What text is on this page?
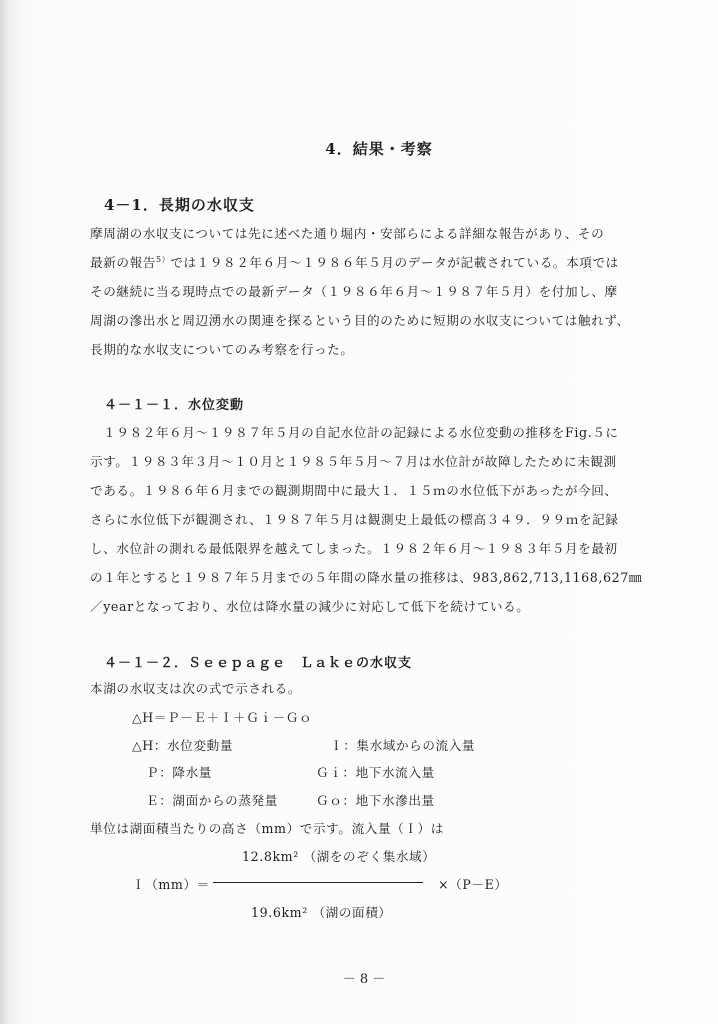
4．結果・考察
4－1．長期の水収支
摩周湖の水収支については先に述べた通り堀内・安部らによる詳細な報告があり、その
最新の報告$^{5)}$では１９８２年６月～１９８６年５月のデータが記載されている。本項では
その継続に当る現時点での最新データ（１９８６年６月～１９８７年５月）を付加し、摩
周湖の滲出水と周辺湧水の関連を探るという目的のために短期の水収支については触れず、
長期的な水収支についてのみ考察を行った。
４－１－１．水位変動
　１９８２年６月～１９８７年５月の自記水位計の記録による水位変動の推移をFig.５に
示す。１９８３年３月～１０月と１９８５年５月～７月は水位計が故障したために未観測
である。１９８６年６月までの観測期間中に最大１．１５ｍの水位低下があったが今回、
さらに水位低下が観測され、１９８７年５月は観測史上最低の標高３４９．９９ｍを記録
し、水位計の測れる最低限界を越えてしまった。１９８２年６月～１９８３年５月を最初
の１年とすると１９８７年５月までの５年間の降水量の推移は、983,862,713,1168,627㎜
／yearとなっており、水位は降水量の減少に対応して低下を続けている。
４－１－２．Ｓｅｅｐａｇｅ　Ｌａｋｅの水収支
本湖の水収支は次の式で示される。
△H＝Ｐ－Ｅ＋Ｉ＋Ｇｉ－Ｇｏ
△H：水位変動量	Ｉ：集水域からの流入量
Ｐ：降水量	Ｇｉ：地下水流入量
Ｅ：湖面からの蒸発量	Ｇｏ：地下水滲出量
単位は湖面積当たりの高さ（mm）で示す。流入量（Ｉ）は
12.8km² （湖をのぞく集水域）
Ｉ（mm）＝	×（P－E）
19.6km² （湖の面積）
－ 8 －
